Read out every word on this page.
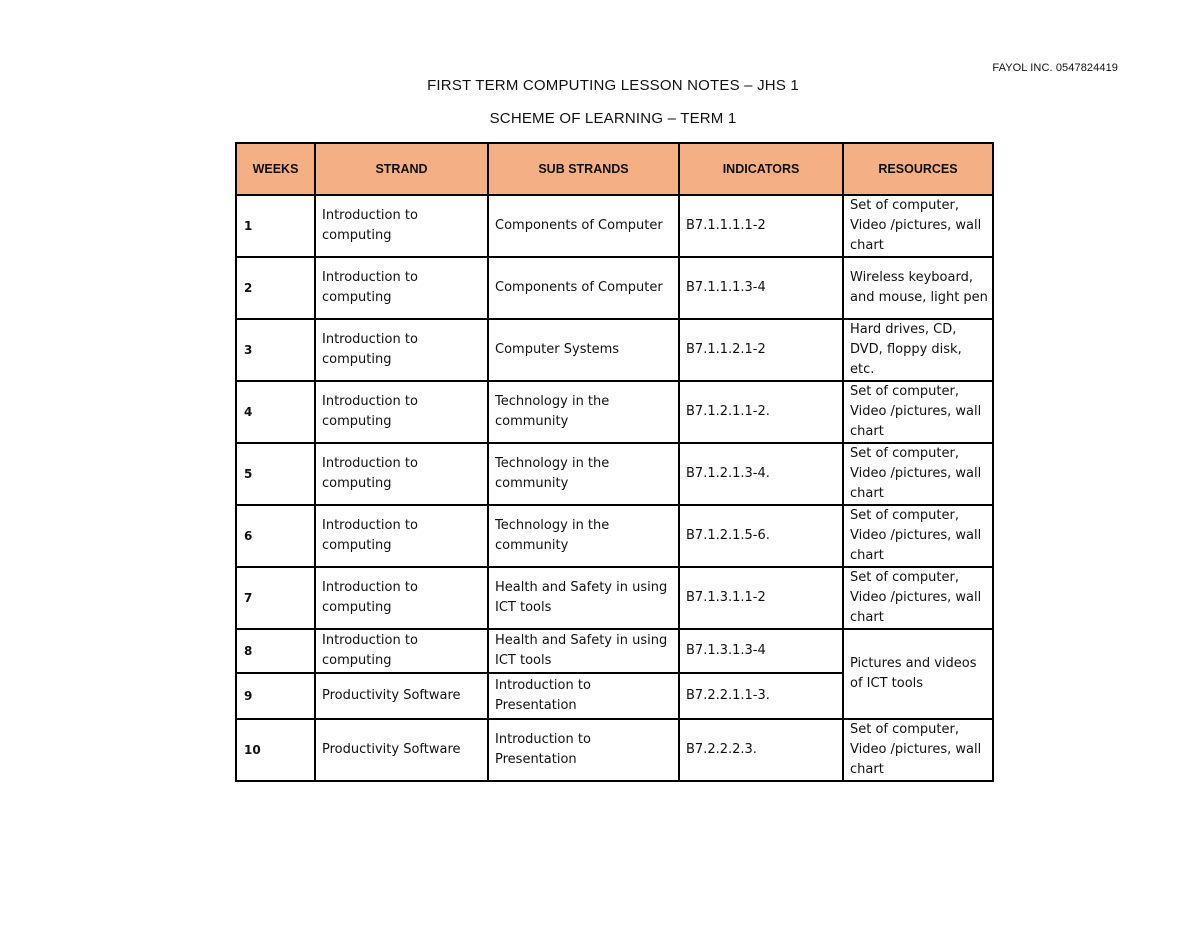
FAYOL INC. 0547824419
FIRST TERM COMPUTING LESSON NOTES – JHS 1
SCHEME OF LEARNING – TERM 1
WEEKS	STRAND	SUB STRANDS	INDICATORS	RESOURCES
1	Introduction to computing	Components of Computer	B7.1.1.1.1-2	Set of computer, Video /pictures, wall chart
2	Introduction to computing	Components of Computer	B7.1.1.1.3-4	Wireless keyboard, and mouse, light pen
3	Introduction to computing	Computer Systems	B7.1.1.2.1-2	Hard drives, CD, DVD, floppy disk, etc.
4	Introduction to computing	Technology in the community	B7.1.2.1.1-2.	Set of computer, Video /pictures, wall chart
5	Introduction to computing	Technology in the community	B7.1.2.1.3-4.	Set of computer, Video /pictures, wall chart
6	Introduction to computing	Technology in the community	B7.1.2.1.5-6.	Set of computer, Video /pictures, wall chart
7	Introduction to computing	Health and Safety in using ICT tools	B7.1.3.1.1-2	Set of computer, Video /pictures, wall chart
8	Introduction to computing	Health and Safety in using ICT tools	B7.1.3.1.3-4	Pictures and videos of ICT tools
9	Productivity Software	Introduction to Presentation	B7.2.2.1.1-3.	
10	Productivity Software	Introduction to Presentation	B7.2.2.2.3.	Set of computer, Video /pictures, wall chart
